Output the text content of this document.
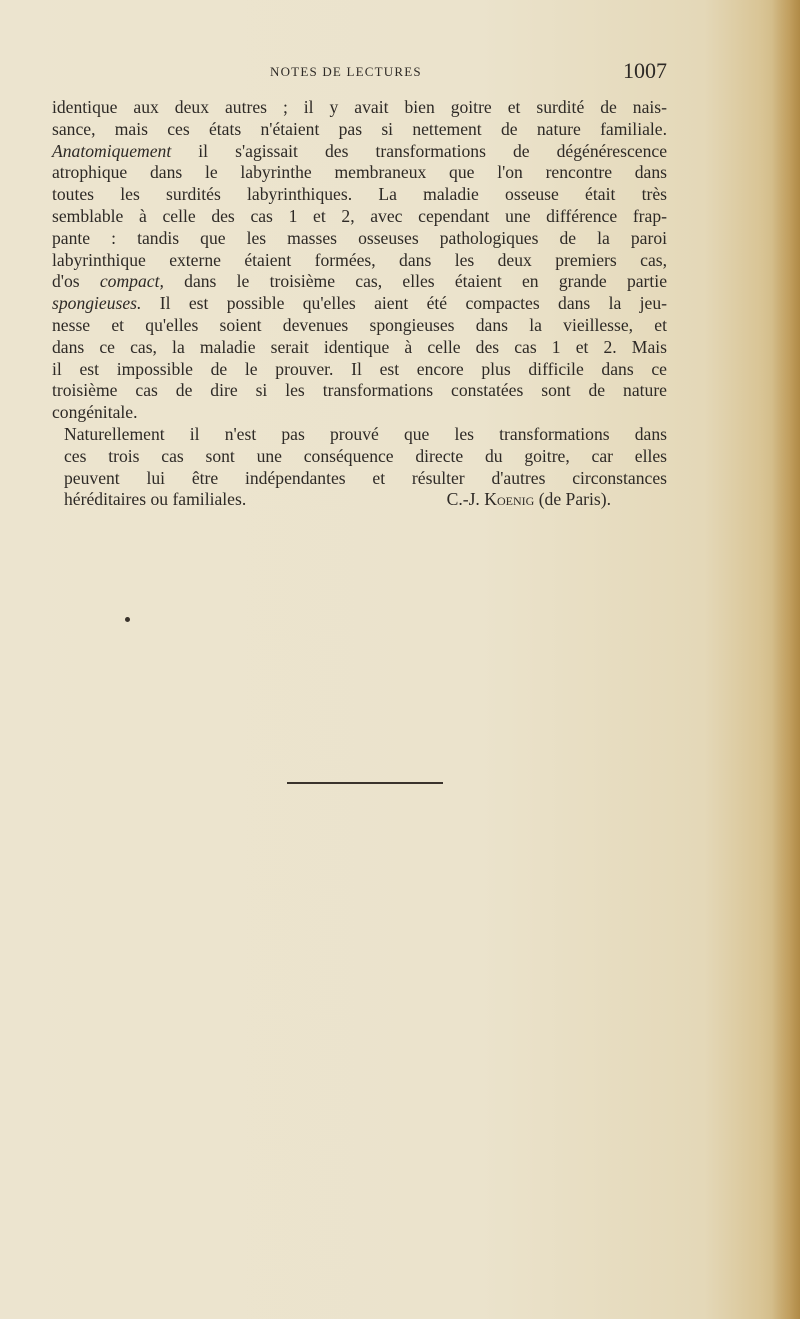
NOTES DE LECTURES	1007

identique aux deux autres ; il y avait bien goitre et surdité de nais-
sance, mais ces états n'étaient pas si nettement de nature familiale.
Anatomiquement il s'agissait des transformations de dégénérescence
atrophique dans le labyrinthe membraneux que l'on rencontre dans
toutes les surdités labyrinthiques. La maladie osseuse était très
semblable à celle des cas 1 et 2, avec cependant une différence frap-
pante : tandis que les masses osseuses pathologiques de la paroi
labyrinthique externe étaient formées, dans les deux premiers cas,
d'os compact, dans le troisième cas, elles étaient en grande partie
spongieuses. Il est possible qu'elles aient été compactes dans la jeu-
nesse et qu'elles soient devenues spongieuses dans la vieillesse, et
dans ce cas, la maladie serait identique à celle des cas 1 et 2. Mais
il est impossible de le prouver. Il est encore plus difficile dans ce
troisième cas de dire si les transformations constatées sont de nature
congénitale.

Naturellement il n'est pas prouvé que les transformations dans
ces trois cas sont une conséquence directe du goitre, car elles
peuvent lui être indépendantes et résulter d'autres circonstances
héréditaires ou familiales.	C.-J. Koenig (de Paris).
